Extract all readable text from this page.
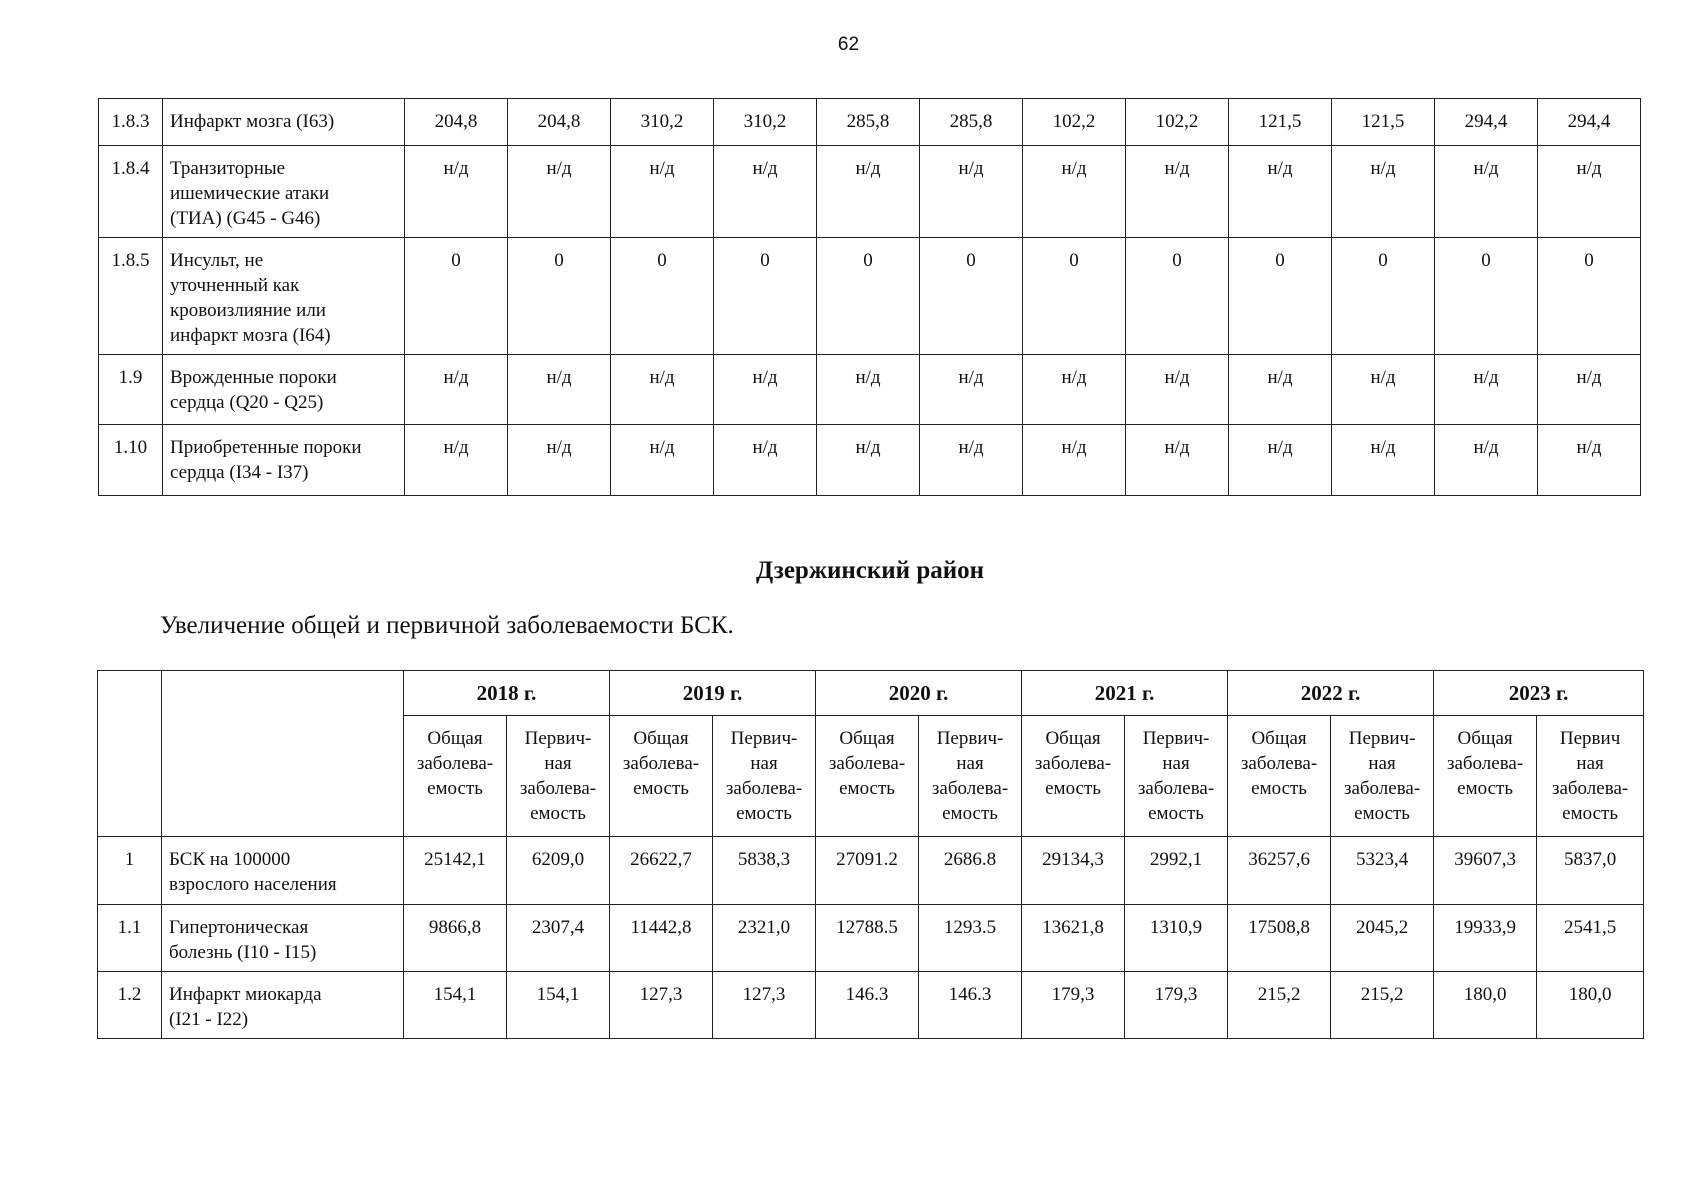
62
1.8.3	Инфаркт мозга (I63)	204,8	204,8	310,2	310,2	285,8	285,8	102,2	102,2	121,5	121,5	294,4	294,4
1.8.4	Транзиторные
ишемические атаки
(ТИА) (G45 - G46)	н/д	н/д	н/д	н/д	н/д	н/д	н/д	н/д	н/д	н/д	н/д	н/д
1.8.5	Инсульт, не
уточненный как
кровоизлияние или
инфаркт мозга (I64)	0	0	0	0	0	0	0	0	0	0	0	0
1.9	Врожденные пороки
сердца (Q20 - Q25)	н/д	н/д	н/д	н/д	н/д	н/д	н/д	н/д	н/д	н/д	н/д	н/д
1.10	Приобретенные пороки
сердца (I34 - I37)	н/д	н/д	н/д	н/д	н/д	н/д	н/д	н/д	н/д	н/д	н/д	н/д
Дзержинский район
Увеличение общей и первичной заболеваемости БСК.
		2018 г.		2019 г.		2020 г.		2021 г.		2022 г.		2023 г.	
		Общая
заболева-
емость	Первич-
ная
заболева-
емость	Общая
заболева-
емость	Первич-
ная
заболева-
емость	Общая
заболева-
емость	Первич-
ная
заболева-
емость	Общая
заболева-
емость	Первич-
ная
заболева-
емость	Общая
заболева-
емость	Первич-
ная
заболева-
емость	Общая
заболева-
емость	Первич
ная
заболева-
емость
1	БСК на 100000
взрослого населения	25142,1	6209,0	26622,7	5838,3	27091.2	2686.8	29134,3	2992,1	36257,6	5323,4	39607,3	5837,0
1.1	Гипертоническая
болезнь (I10 - I15)	9866,8	2307,4	11442,8	2321,0	12788.5	1293.5	13621,8	1310,9	17508,8	2045,2	19933,9	2541,5
1.2	Инфаркт миокарда
(I21 - I22)	154,1	154,1	127,3	127,3	146.3	146.3	179,3	179,3	215,2	215,2	180,0	180,0
